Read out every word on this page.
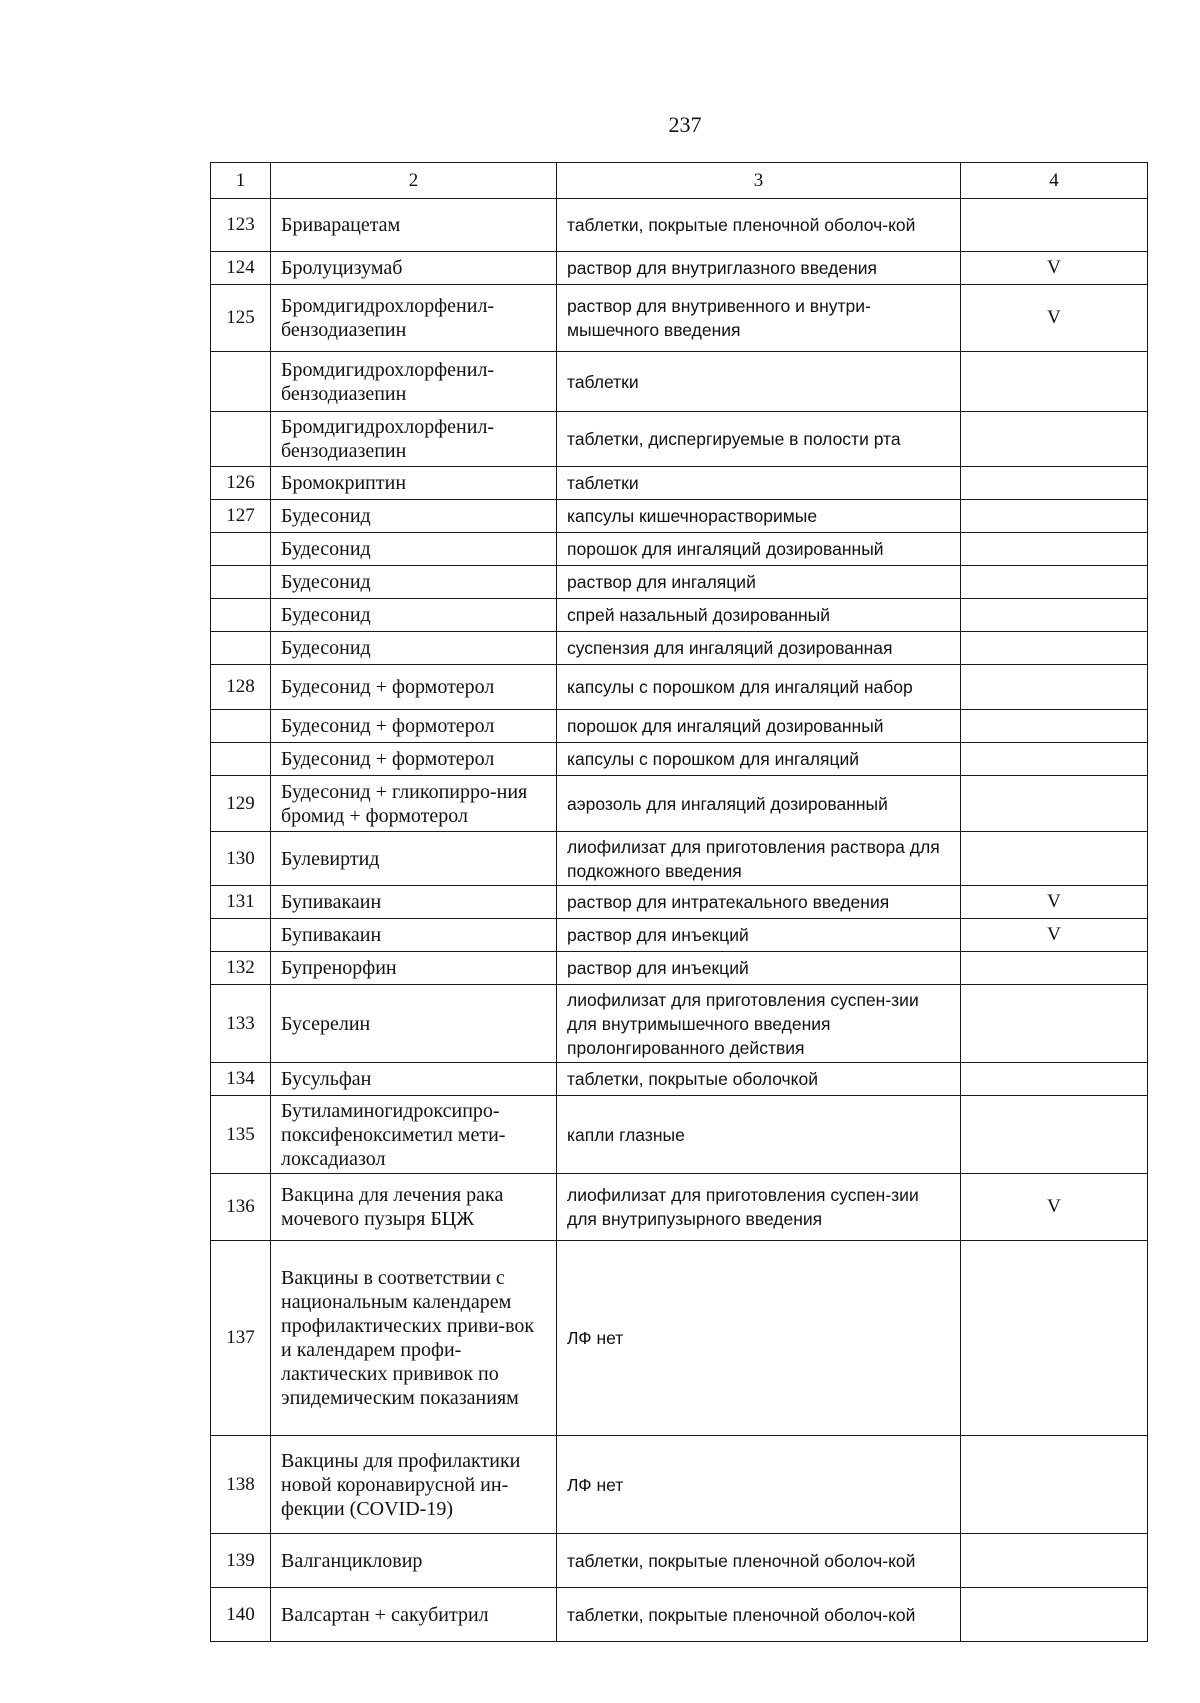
237
1	2	3	4
123	Бриварацетам	таблетки, покрытые пленочной оболоч-кой	
124	Бролуцизумаб	раствор для внутриглазного введения	V
125	Бромдигидрохлорфенил-бензодиазепин	раствор для внутривенного и внутри-мышечного введения	V
	Бромдигидрохлорфенил-бензодиазепин	таблетки	
	Бромдигидрохлорфенил-бензодиазепин	таблетки, диспергируемые в полости рта	
126	Бромокриптин	таблетки	
127	Будесонид	капсулы кишечнорастворимые	
	Будесонид	порошок для ингаляций дозированный	
	Будесонид	раствор для ингаляций	
	Будесонид	спрей назальный дозированный	
	Будесонид	суспензия для ингаляций дозированная	
128	Будесонид + формотерол	капсулы с порошком для ингаляций набор	
	Будесонид + формотерол	порошок для ингаляций дозированный	
	Будесонид + формотерол	капсулы с порошком для ингаляций	
129	Будесонид + гликопирро-ния бромид + формотерол	аэрозоль для ингаляций дозированный	
130	Булевиртид	лиофилизат для приготовления раствора для подкожного введения	
131	Бупивакаин	раствор для интратекального введения	V
	Бупивакаин	раствор для инъекций	V
132	Бупренорфин	раствор для инъекций	
133	Бусерелин	лиофилизат для приготовления суспен-зии для внутримышечного введения пролонгированного действия	
134	Бусульфан	таблетки, покрытые оболочкой	
135	Бутиламиногидроксипро-поксифеноксиметил мети-локсадиазол	капли глазные	
136	Вакцина для лечения рака мочевого пузыря БЦЖ	лиофилизат для приготовления суспен-зии для внутрипузырного введения	V
137	Вакцины в соответствии с национальным календарем профилактических приви-вок и календарем профи-лактических прививок по эпидемическим показаниям	ЛФ нет	
138	Вакцины для профилактики новой коронавирусной ин-фекции (COVID-19)	ЛФ нет	
139	Валганцикловир	таблетки, покрытые пленочной оболоч-кой	
140	Валсартан + сакубитрил	таблетки, покрытые пленочной оболоч-кой	
